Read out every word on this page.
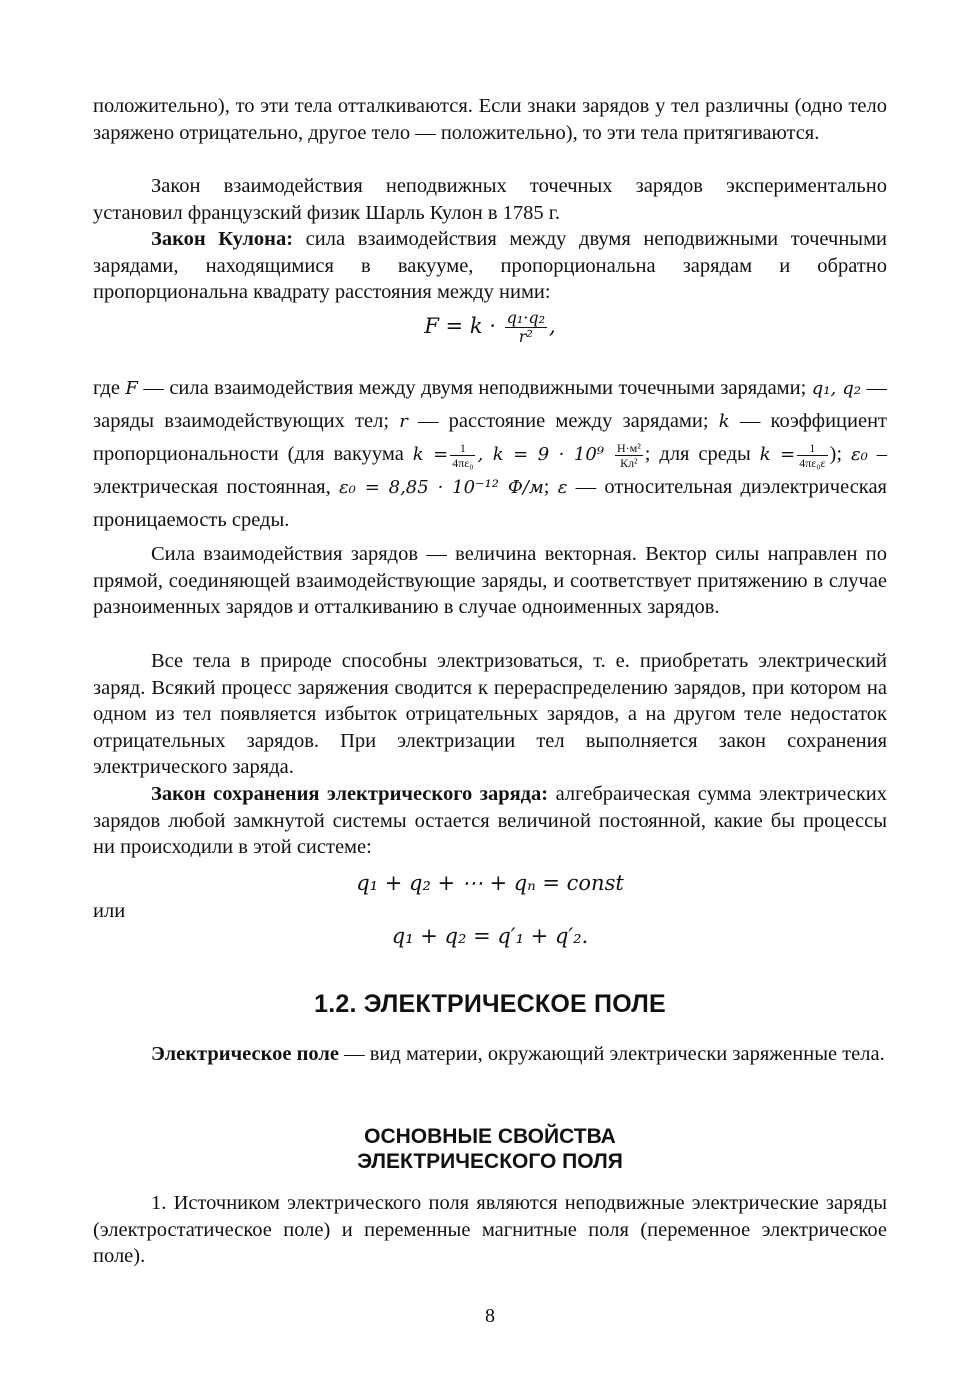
положительно), то эти тела отталкиваются. Если знаки зарядов у тел различны (одно тело заряжено отрицательно, другое тело — положительно), то эти тела притягиваются.

Закон взаимодействия неподвижных точечных зарядов экспериментально установил французский физик Шарль Кулон в 1785 г.

Закон Кулона: сила взаимодействия между двумя неподвижными точечными зарядами, находящимися в вакууме, пропорциональна зарядам и обратно пропорциональна квадрату расстояния между ними:

$F = k \cdot \frac{\text{q₁·q₂}}{\text{r²}}$ ,

где F — сила взаимодействия между двумя неподвижными точечными зарядами; q₁, q₂ — заряды взаимодействующих тел; r — расстояние между зарядами; k — коэффициент пропорциональности (для вакуума $k = \frac{1}{\text{4πε₀}}$ , $k = 9 \cdot 10^9 \frac{\text{Н·м²}}{\text{Кл²}}$ ; для среды $k = \frac{1}{\text{4πε₀ε}}$ ); ε₀ – электрическая постоянная, ε₀ = 8,85 · 10⁻¹² Ф/м; ε — относительная диэлектрическая проницаемость среды.

Сила взаимодействия зарядов — величина векторная. Вектор силы направлен по прямой, соединяющей взаимодействующие заряды, и соответствует притяжению в случае разноименных зарядов и отталкиванию в случае одноименных зарядов.

Все тела в природе способны электризоваться, т. е. приобретать электрический заряд. Всякий процесс заряжения сводится к перераспределению зарядов, при котором на одном из тел появляется избыток отрицательных зарядов, а на другом теле недостаток отрицательных зарядов. При электризации тел выполняется закон сохранения электрического заряда.

Закон сохранения электрического заряда: алгебраическая сумма электрических зарядов любой замкнутой системы остается величиной постоянной, какие бы процессы ни происходили в этой системе:

q₁ + q₂ + ⋯ + qₙ = const

или

q₁ + q₂ = q′₁ + q′₂.
1.2. ЭЛЕКТРИЧЕСКОЕ ПОЛЕ

Электрическое поле — вид материи, окружающий электрически заряженные тела.

ОСНОВНЫЕ СВОЙСТВА
ЭЛЕКТРИЧЕСКОГО ПОЛЯ

1. Источником электрического поля являются неподвижные электрические заряды (электростатическое поле) и переменные магнитные поля (переменное электрическое поле).

8
